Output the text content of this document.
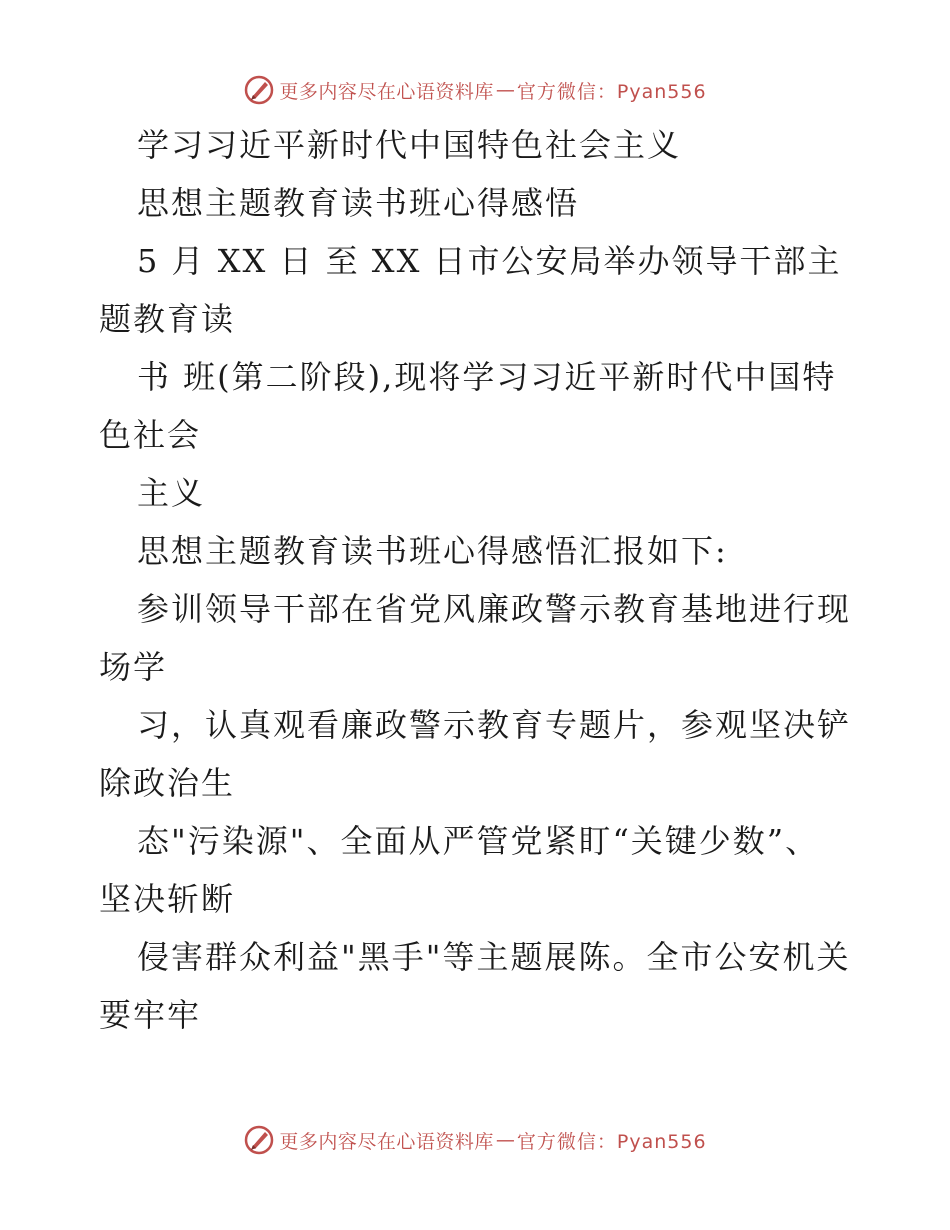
更多内容尽在心语资料库 — 官方微信：Pyan556
学习习近平新时代中国特色社会主义
思想主题教育读书班心得感悟
5 月 XX 日 至 XX 日市公安局举办领导干部主
题教育读
书 班(第二阶段),现将学习习近平新时代中国特
色社会
主义
思想主题教育读书班心得感悟汇报如下:
参训领导干部在省党风廉政警示教育基地进行现
场学
习，认真观看廉政警示教育专题片，参观坚决铲
除政治生
态"污染源"、全面从严管党紧盯“关键少数”、
坚决斩断
侵害群众利益"黑手"等主题展陈。全市公安机关
要牢牢
更多内容尽在心语资料库 — 官方微信：Pyan556
